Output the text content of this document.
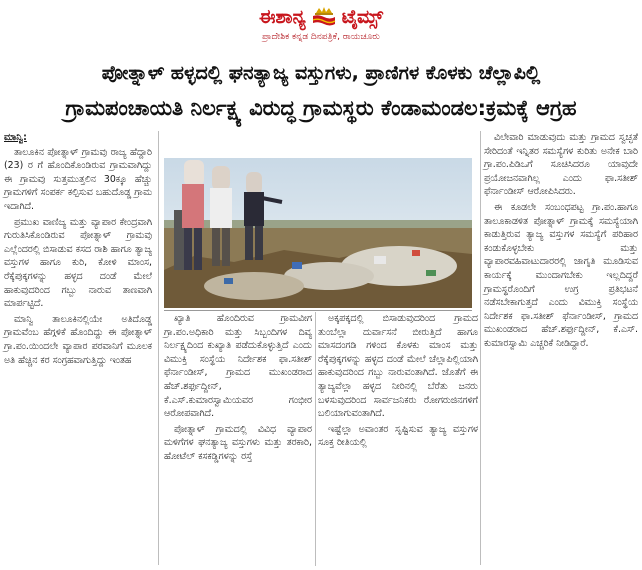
ಈಶಾನ್ಯ ಟೈಮ್ಸ್
ಪ್ರಾದೇಶಿಕ ಕನ್ನಡ ದಿನಪತ್ರಿಕೆ, ರಾಯಚೂರು
ಪೋತ್ನಾಳ್ ಹಳ್ಳದಲ್ಲಿ ಘನತ್ಯಾಜ್ಯ ವಸ್ತುಗಳು, ಪ್ರಾಣಿಗಳ ಕೊಳಕು ಚೆಲ್ಲಾಪಿಲ್ಲಿ
ಗ್ರಾಮಪಂಚಾಯತಿ ನಿರ್ಲಕ್ಷ್ಯ ವಿರುದ್ಧ ಗ್ರಾಮಸ್ಥರು ಕೆಂಡಾಮಂಡಲ:ಕ್ರಮಕ್ಕೆ ಆಗ್ರಹ
ಮಾನ್ವಿ:

ತಾಲೂಕಿನ ಪೋತ್ನಾಳ್ ಗ್ರಾಮವು ರಾಜ್ಯ ಹೆದ್ದಾರಿ (23) ರ ಗೆ ಹೊಂದಿಕೊಂಡಿರುವ ಗ್ರಾಮವಾಗಿದ್ದು ಈ ಗ್ರಾಮವು ಸುತ್ತಮುತ್ತಲಿನ 30ಕ್ಕೂ ಹೆಚ್ಚು ಗ್ರಾಮಗಳಿಗೆ ಸಂಪರ್ಕ ಕಲ್ಪಿಸುವ ಬಹುದೊಡ್ಡ ಗ್ರಾಮ ಇದಾಗಿದೆ.

ಪ್ರಮುಖ ವಾಣಿಜ್ಯ ಮತ್ತು ವ್ಯಾಪಾರ ಕೇಂದ್ರವಾಗಿ ಗುರುತಿಸಿಕೊಂಡಿರುವ ಪೋತ್ನಾಳ್ ಗ್ರಾಮವು ಎಲ್ಲೆಂದರಲ್ಲಿ ಬಿಸಾಡುವ ಕಸದ ರಾಶಿ ಹಾಗೂ ತ್ಯಾಜ್ಯ ವಸ್ತುಗಳ ಹಾಗೂ ಕುರಿ, ಕೋಳಿ ಮಾಂಸ, ರೆಕ್ಕೆಪುಕ್ಕಗಳನ್ನು ಹಳ್ಳದ ದಂಡೆ ಮೇಲೆ ಹಾಕುವುದರಿಂದ ಗಬ್ಬು ನಾರುವ ತಾಣವಾಗಿ ಮಾರ್ಪಟ್ಟಿದೆ.

ಮಾನ್ವಿ ತಾಲೂಕಿನಲ್ಲಿಯೇ ಅತಿದೊಡ್ಡ ಗ್ರಾಮವೆಂಬ ಹೆಗ್ಗಳಿಕೆ ಹೊಂದಿದ್ದು ಈ ಪೋತ್ನಾಳ್ ಗ್ರಾ.ಪಂ.ಯಿಂದಲೇ ವ್ಯಾಪಾರ ಪರವಾನಿಗೆ ಮೂಲಕ ಅತಿ ಹೆಚ್ಚಿನ ಕರ ಸಂಗ್ರಹವಾಗುತ್ತಿದ್ದು ಇಂತಹ

ಖ್ಯಾತಿ ಹೊಂದಿರುವ ಗ್ರಾಮವೀಗ ಗ್ರಾ.ಪಂ.ಅಧಿಕಾರಿ ಮತ್ತು ಸಿಬ್ಬಂದಿಗಳ ದಿವ್ಯ ನಿರ್ಲಕ್ಷ್ಯದಿಂದ ಕುಖ್ಯಾತಿ ಪಡೆದುಕೊಳ್ಳುತ್ತಿದೆ ಎಂದು ವಿಮುಕ್ತಿ ಸಂಸ್ಥೆಯ ನಿರ್ದೇಶಕ ಫಾ.ಸತೀಶ್ ಫೆರ್ನಾಂಡೀಸ್, ಗ್ರಾಮದ ಮುಖಂಡರಾದ ಹೆಚ್.ಶರ್ಫುದ್ದೀನ್, ಕೆ.ಎಸ್.ಕುಮಾರಸ್ವಾಮಿಯವರ ಗಂಭೀರ ಆರೋಪವಾಗಿದೆ.

ಪೋತ್ನಾಳ್ ಗ್ರಾಮದಲ್ಲಿ ವಿವಿಧ ವ್ಯಾಪಾರ ಮಳಿಗೆಗಳ ಘನತ್ಯಾಜ್ಯ ವಸ್ತುಗಳು ಮತ್ತು ತರಕಾರಿ, ಹೋಟೆಲ್ ಕಸಕಡ್ಡಿಗಳನ್ನು ರಸ್ತೆ

ಅಕ್ಕಪಕ್ಕದಲ್ಲಿ ಬಿಸಾಡುವುದರಿಂದ ಗ್ರಾಮದ ತುಂಬೆಲ್ಲಾ ದುರ್ವಾಸನೆ ಬೀರುತ್ತಿದೆ ಹಾಗೂ ಮಾಸದಂಗಡಿ ಗಳಿಂದ ಕೊಳಕು ಮಾಂಸ ಮತ್ತು ರೆಕ್ಕೆಪುಕ್ಕಗಳನ್ನು ಹಳ್ಳದ ದಂಡೆ ಮೇಲೆ ಚೆಲ್ಲಾಪಿಲ್ಲಿಯಾಗಿ ಹಾಕುವುದರಿಂದ ಗಬ್ಬು ನಾರುವಂತಾಗಿದೆ. ಜೊತೆಗೆ ಈ ತ್ಯಾಜ್ಯವೆಲ್ಲಾ ಹಳ್ಳದ ನೀರಿನಲ್ಲಿ ಬೆರೆತು ಜನರು ಬಳಸುವುದರಿಂದ ಸಾರ್ವಜನಿಕರು ರೋಗರುಜಿನಗಳಿಗೆ ಬಲಿಯಾಗುವಂತಾಗಿದೆ.

ಇಷ್ಟೆಲ್ಲಾ ಅವಾಂತರ ಸೃಷ್ಟಿಸುವ ತ್ಯಾಜ್ಯ ವಸ್ತುಗಳ ಸೂಕ್ತ ರೀತಿಯಲ್ಲಿ

ವಿಲೇವಾರಿ ಮಾಡುವುದು ಮತ್ತು ಗ್ರಾಮದ ಸ್ವಚ್ಛತೆ ಸೇರಿದಂತೆ ಇನ್ನಿತರ ಸಮಸ್ಯೆಗಳ ಕುರಿತು ಅನೇಕ ಬಾರಿ ಗ್ರಾ.ಪಂ.ಪಿಡಿಒಗೆ ಸೂಚಿಸಿದರೂ ಯಾವುದೇ ಪ್ರಯೋಜನವಾಗಿಲ್ಲ ಎಂದು ಫಾ.ಸತೀಶ್ ಫೆರ್ನಾಂಡೀಸ್ ಆರೋಪಿಸಿದರು.

ಈ ಕೂಡಲೇ ಸಂಬಂಧಪಟ್ಟ ಗ್ರಾ.ಪಂ.ಹಾಗೂ ತಾಲೂಕಾಡಳಿತ ಪೋತ್ನಾಳ್ ಗ್ರಾಮಕ್ಕೆ ಸಮಸ್ಯೆಯಾಗಿ ಕಾಡುತ್ತಿರುವ ತ್ಯಾಜ್ಯ ವಸ್ತುಗಳ ಸಮಸ್ಯೆಗೆ ಪರಿಹಾರ ಕಂಡುಕೊಳ್ಳಬೇಕು ಮತ್ತು ವ್ಯಾಪಾರವಹಿವಾಟುದಾರರಲ್ಲಿ ಜಾಗೃತಿ ಮೂಡಿಸುವ ಕಾರ್ಯಕ್ಕೆ ಮುಂದಾಗಬೇಕು ಇಲ್ಲದಿದ್ದರೆ ಗ್ರಾಮಸ್ಥರೊಂದಿಗೆ ಉಗ್ರ ಪ್ರತಿಭಟನೆ ನಡೆಸಬೇಕಾಗುತ್ತದೆ ಎಂದು ವಿಮುಕ್ತಿ ಸಂಸ್ಥೆಯ ನಿರ್ದೇಶಕ ಫಾ.ಸತೀಶ್ ಫೆರ್ನಾಂಡೀಸ್, ಗ್ರಾಮದ ಮುಖಂಡರಾದ ಹೆಚ್.ಶರ್ಫುದ್ದೀನ್, ಕೆ.ಎಸ್. ಕುಮಾರಸ್ವಾಮಿ ಎಚ್ಚರಿಕೆ ನೀಡಿದ್ದಾರೆ.
